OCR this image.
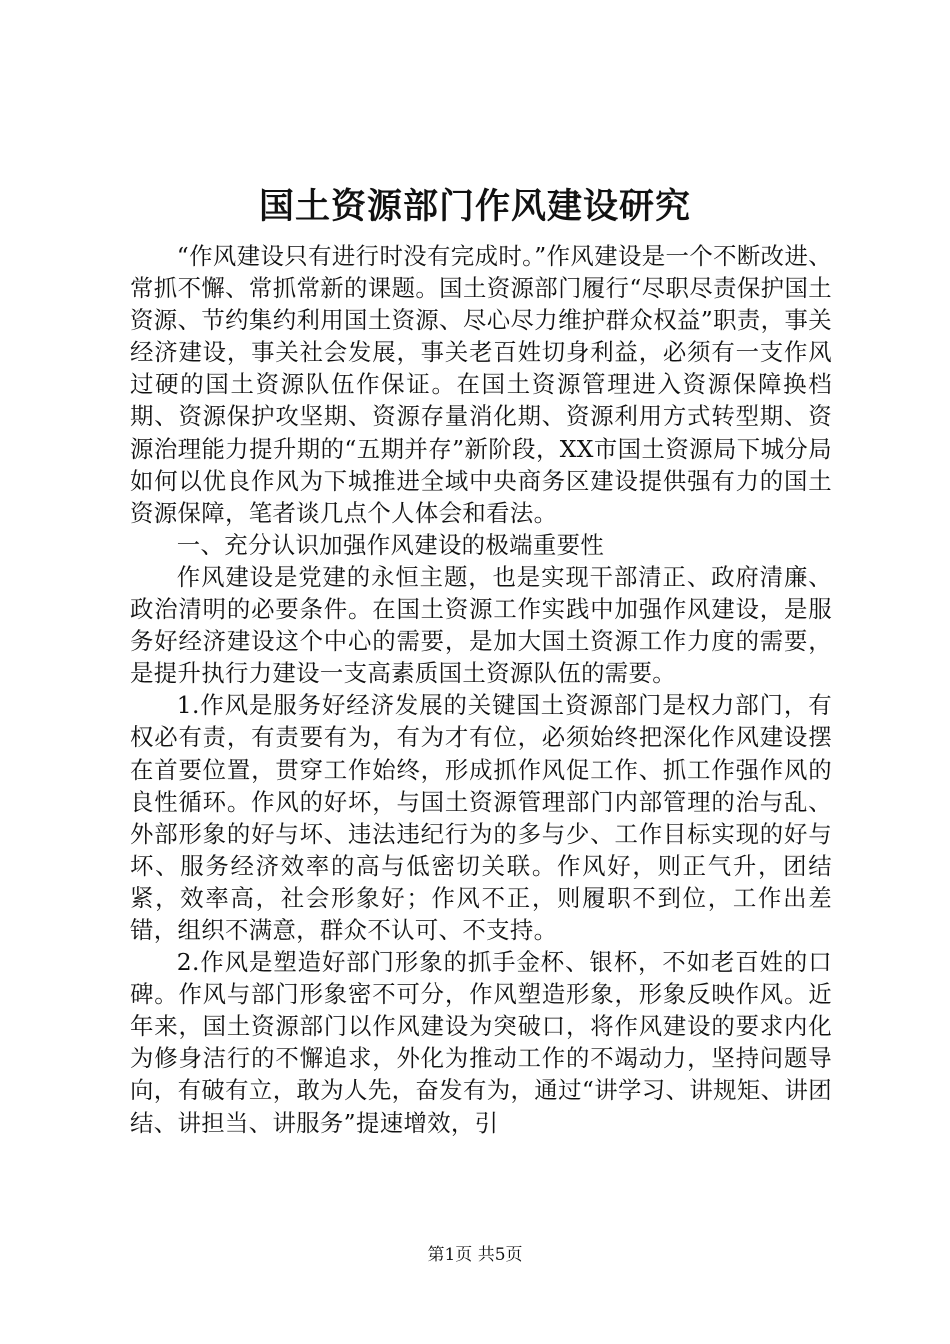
国土资源部门作风建设研究

“作风建设只有进行时没有完成时。”作风建设是一个不断改进、常抓不懈、常抓常新的课题。国土资源部门履行“尽职尽责保护国土资源、节约集约利用国土资源、尽心尽力维护群众权益”职责，事关经济建设，事关社会发展，事关老百姓切身利益，必须有一支作风过硬的国土资源队伍作保证。在国土资源管理进入资源保障换档期、资源保护攻坚期、资源存量消化期、资源利用方式转型期、资源治理能力提升期的“五期并存”新阶段，XX市国土资源局下城分局如何以优良作风为下城推进全域中央商务区建设提供强有力的国土资源保障，笔者谈几点个人体会和看法。

一、充分认识加强作风建设的极端重要性

作风建设是党建的永恒主题，也是实现干部清正、政府清廉、政治清明的必要条件。在国土资源工作实践中加强作风建设，是服务好经济建设这个中心的需要，是加大国土资源工作力度的需要，是提升执行力建设一支高素质国土资源队伍的需要。

1.作风是服务好经济发展的关键国土资源部门是权力部门，有权必有责，有责要有为，有为才有位，必须始终把深化作风建设摆在首要位置，贯穿工作始终，形成抓作风促工作、抓工作强作风的良性循环。作风的好坏，与国土资源管理部门内部管理的治与乱、外部形象的好与坏、违法违纪行为的多与少、工作目标实现的好与坏、服务经济效率的高与低密切关联。作风好，则正气升，团结紧，效率高，社会形象好；作风不正，则履职不到位，工作出差错，组织不满意，群众不认可、不支持。

2.作风是塑造好部门形象的抓手金杯、银杯，不如老百姓的口碑。作风与部门形象密不可分，作风塑造形象，形象反映作风。近年来，国土资源部门以作风建设为突破口，将作风建设的要求内化为修身洁行的不懈追求，外化为推动工作的不竭动力，坚持问题导向，有破有立，敢为人先，奋发有为，通过“讲学习、讲规矩、讲团结、讲担当、讲服务”提速增效，引

第1页 共5页
